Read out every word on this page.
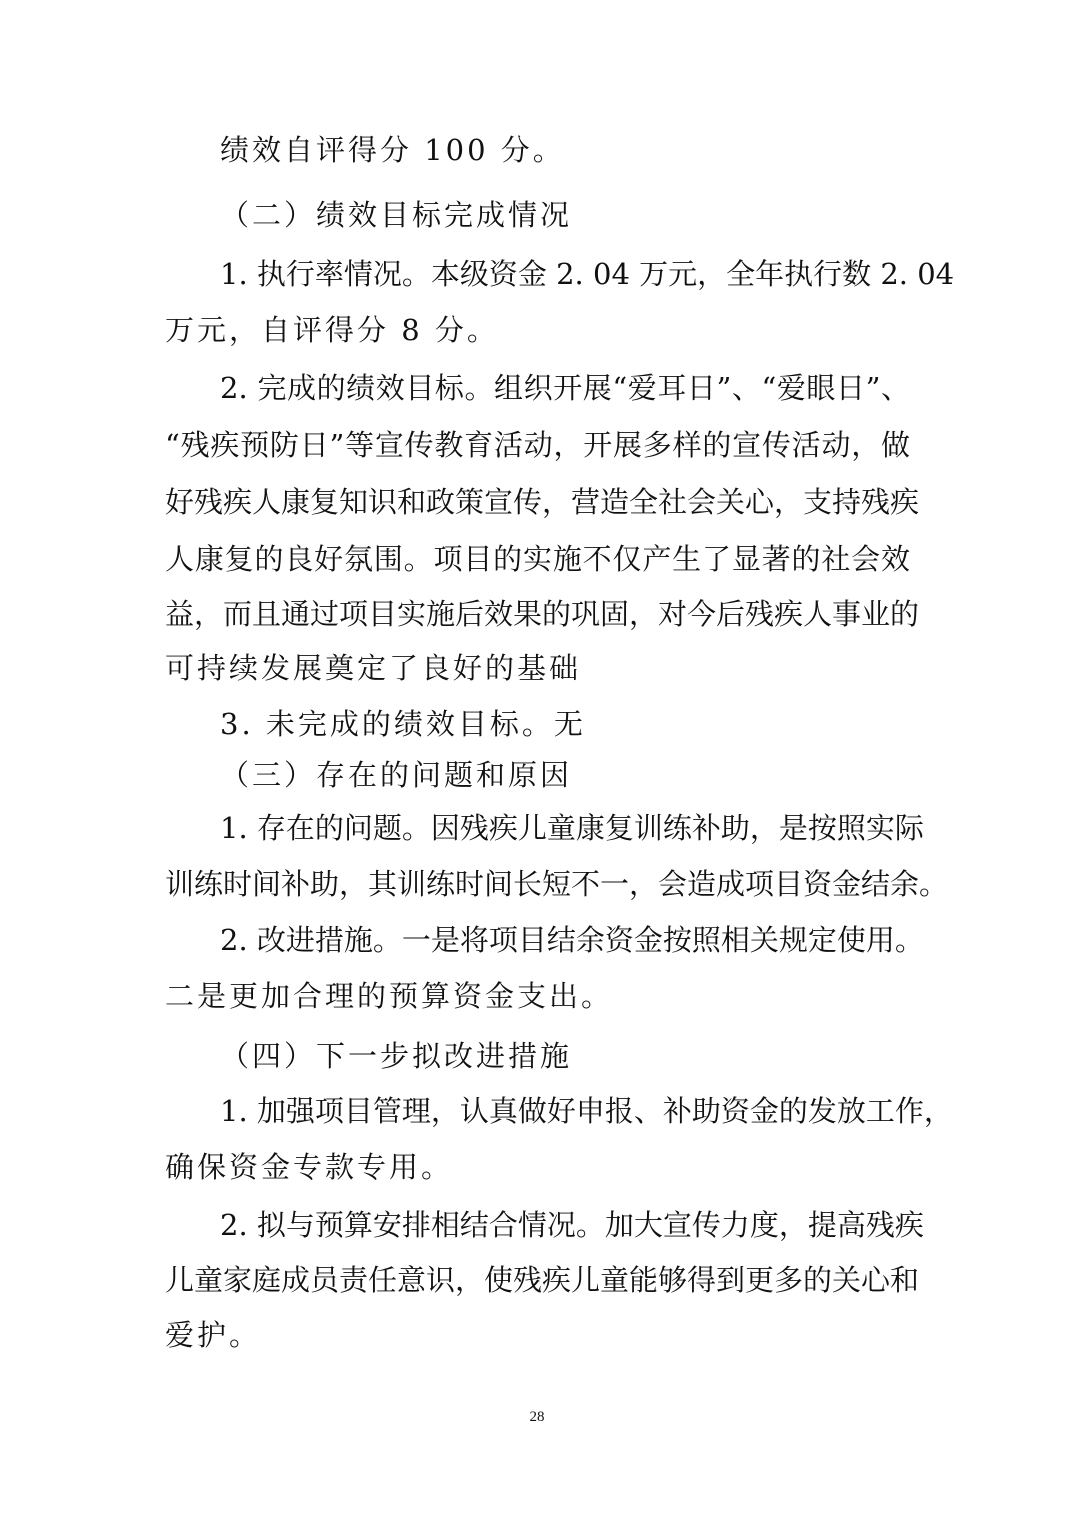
绩效自评得分 100 分。
（二）绩效目标完成情况
1. 执行率情况。本级资金 2. 04 万元，全年执行数 2. 04
万元，自评得分 8 分。
2. 完成的绩效目标。组织开展“爱耳日”、“爱眼日”、
“残疾预防日”等宣传教育活动，开展多样的宣传活动，做
好残疾人康复知识和政策宣传，营造全社会关心，支持残疾
人康复的良好氛围。项目的实施不仅产生了显著的社会效
益，而且通过项目实施后效果的巩固，对今后残疾人事业的
可持续发展奠定了良好的基础
3. 未完成的绩效目标。无
（三）存在的问题和原因
1. 存在的问题。因残疾儿童康复训练补助，是按照实际
训练时间补助，其训练时间长短不一，会造成项目资金结余。
2. 改进措施。一是将项目结余资金按照相关规定使用。
二是更加合理的预算资金支出。
（四）下一步拟改进措施
1. 加强项目管理，认真做好申报、补助资金的发放工作，
确保资金专款专用。
2. 拟与预算安排相结合情况。加大宣传力度，提高残疾
儿童家庭成员责任意识，使残疾儿童能够得到更多的关心和
爱护。
28
